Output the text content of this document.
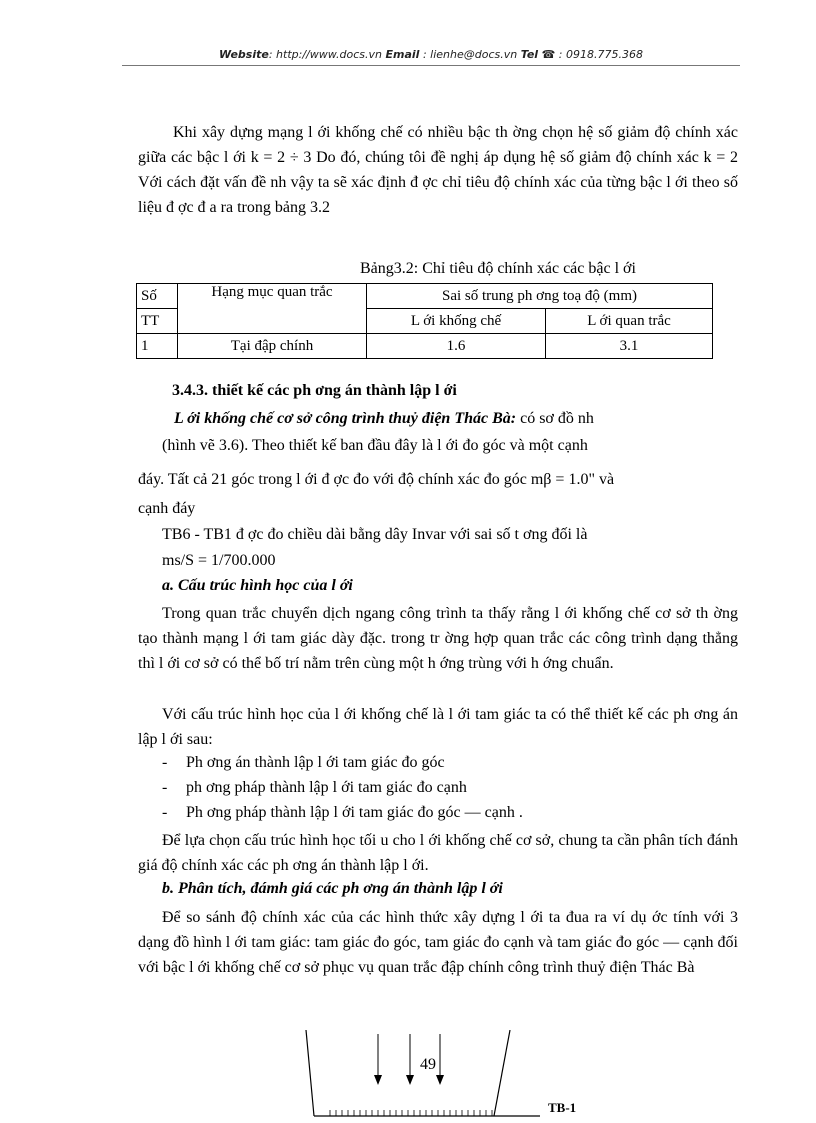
Website: http://www.docs.vn Email : lienhe@docs.vn Tel ☎ : 0918.775.368
Khi xây dựng mạng l ới khống chế có nhiều bậc th ờng chọn hệ số giảm độ chính xác giữa các bậc l ới k = 2 ÷ 3 Do đó, chúng tôi đề nghị áp dụng hệ số giảm độ chính xác k = 2 Với cách đặt vấn đề nh vậy ta sẽ xác định đ ợc chỉ tiêu độ chính xác của từng bậc l ới theo số liệu đ ợc đ a ra trong bảng 3.2
Bảng3.2: Chỉ tiêu độ chính xác các bậc l ới
Số	Hạng mục quan trắc	Sai số trung ph ơng toạ độ (mm)	
TT		L ới khống chế	L ới quan trắc
1	Tại đập chính	1.6	3.1
3.4.3. thiết kế các ph ơng án thành lập l ới
L ới khống chế cơ sở công trình thuỷ điện Thác Bà: có sơ đồ nh
(hình vẽ 3.6). Theo thiết kế ban đầu đây là l ới đo góc và một cạnh
đáy. Tất cả 21 góc trong l ới đ ợc đo với độ chính xác đo góc mβ = 1.0" và
cạnh đáy
TB6 - TB1 đ ợc đo chiều dài bằng dây Invar với sai số t ơng đối là
ms/S = 1/700.000
a. Cấu trúc hình học của l ới
Trong quan trắc chuyển dịch ngang công trình ta thấy rằng l ới khống chế cơ sở th ờng tạo thành mạng l ới tam giác dày đặc. trong tr ờng hợp quan trắc các công trình dạng thẳng thì l ới cơ sở có thể bố trí nằm trên cùng một h ớng trùng với h ớng chuẩn.
Với cấu trúc hình học của l ới khống chế là l ới tam giác ta có thể thiết kế các ph ơng án lập l ới sau:
- Ph ơng án thành lập l ới tam giác đo góc
- ph ơng pháp thành lập l ới tam giác đo cạnh
- Ph ơng pháp thành lập l ới tam giác đo góc — cạnh .
Để lựa chọn cấu trúc hình học tối u cho l ới khống chế cơ sở, chung ta cần phân tích đánh giá độ chính xác các ph ơng án thành lập l ới.
b. Phân tích, đámh giá các ph ơng án thành lập l ới
Để so sánh độ chính xác của các hình thức xây dựng l ới ta đua ra ví dụ ớc tính với 3 dạng đồ hình l ới tam giác: tam giác đo góc, tam giác đo cạnh và tam giác đo góc — cạnh đối với bậc l ới khống chế cơ sở phục vụ quan trắc đập chính công trình thuỷ điện Thác Bà
49
TB-1
